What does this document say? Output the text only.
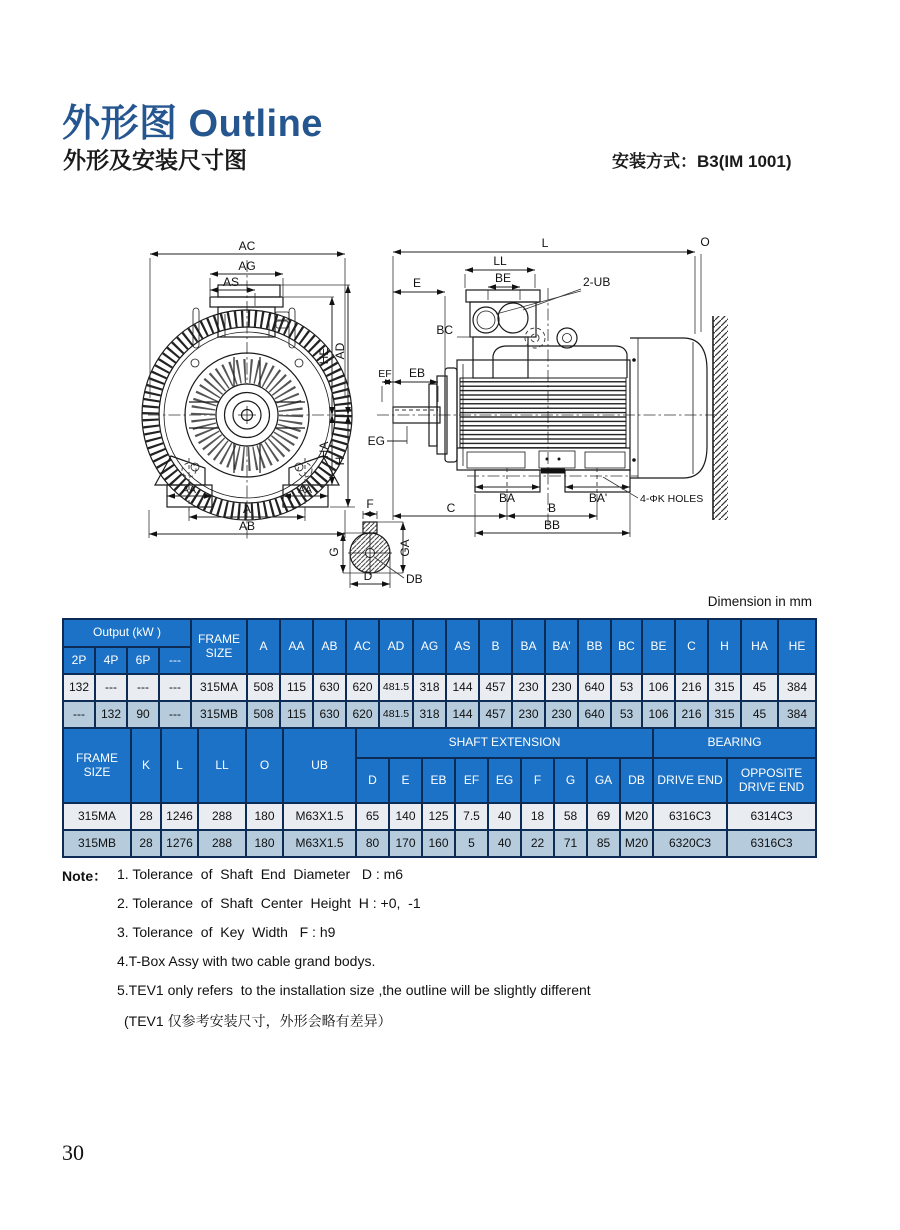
外形图 Outline
外形及安装尺寸图	安装方式：B3(IM 1001)
AC
AG
AS
HE AD
HA
H
AA	AA
A
AB
L	O
LL
BE	2-UB
E
BC
EF EB
EG
BA	BA'
C	B
BB
4-ΦK HOLES
F
G	GA
D	DB
Dimension in mm
Output (kW )				FRAME SIZE	A	AA	AB	AC	AD	AG	AS	B	BA	BA'	BB	BC	BE	C	H	HA	HE
2P	4P	6P	---																		
132	---	---	---	315MA	508	115	630	620	481.5	318	144	457	230	230	640	53	106	216	315	45	384
---	132	90	---	315MB	508	115	630	620	481.5	318	144	457	230	230	640	53	106	216	315	45	384
FRAME SIZE	K	L	LL	O	UB	SHAFT EXTENSION									BEARING	
						D	E	EB	EF	EG	F	G	GA	DB	DRIVE END	OPPOSITE DRIVE END
315MA	28	1246	288	180	M63X1.5	65	140	125	7.5	40	18	58	69	M20	6316C3	6314C3
315MB	28	1276	288	180	M63X1.5	80	170	160	5	40	22	71	85	M20	6320C3	6316C3
Note： 1. Tolerance  of  Shaft  End  Diameter   D : m6
2. Tolerance  of  Shaft  Center  Height  H : +0,  -1
3. Tolerance  of  Key  Width   F : h9
4.T-Box Assy with two cable grand bodys.
5.TEV1 only refers  to the installation size ,the outline will be slightly different
(TEV1 仅参考安装尺寸，外形会略有差异）
30
